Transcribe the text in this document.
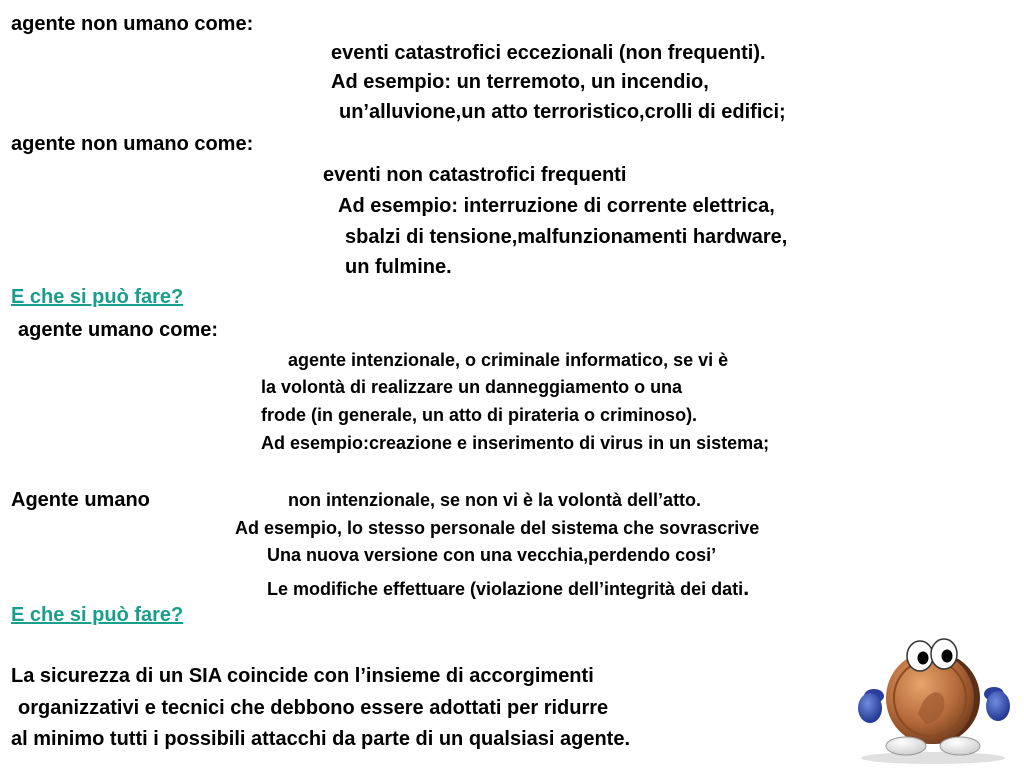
agente non umano come:
eventi catastrofici eccezionali (non frequenti).
Ad esempio: un terremoto, un incendio,
un’alluvione,un atto terroristico,crolli di edifici;
agente non umano come:
eventi non catastrofici frequenti
Ad esempio: interruzione di corrente elettrica,
sbalzi di tensione,malfunzionamenti hardware,
un fulmine.
E che si può fare?
agente umano come:
agente intenzionale, o criminale informatico, se vi è
la volontà di realizzare un danneggiamento o una
frode (in generale, un atto di pirateria o criminoso).
Ad esempio:creazione e inserimento di virus in un sistema;
Agente umano	non intenzionale, se non vi è la volontà dell’atto.
Ad esempio, lo stesso personale del sistema che sovrascrive
Una nuova versione con una vecchia,perdendo cosi’
Le modifiche effettuare (violazione dell’integrità dei dati.
E che si può fare?
La sicurezza di un SIA coincide con l’insieme di accorgimenti
organizzativi e tecnici che debbono essere adottati per ridurre
al minimo tutti i possibili attacchi da parte di un qualsiasi agente.
